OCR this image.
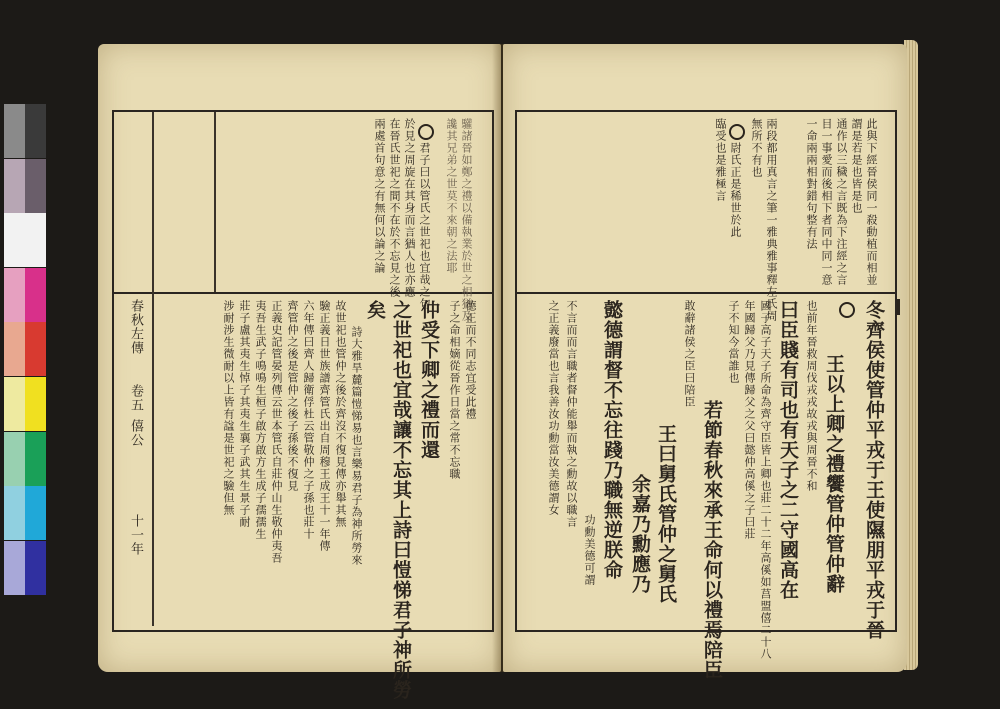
春秋左傳
卷五
僖公
十一年
驩諸晉如鄭之禮以備執業於世之相猶及
讒其兄弟之世莫不來朝之法耶
君子曰以管氏之世祀也宜哉之句
於見之周旋在其身而言猶人也亦應
在晉氏世祀之間不在於不忘見之後
兩處首句意之有無何以論之論
德正而不同志宜受此禮
子之命相嫡從晉作日當之常不忘職
仲受下卿之禮而還
之世祀也宜哉讓不忘其上詩曰愷悌君子神所勞
矣
詩大雅旱麓篇愷悌易也言樂易君子為神所勞來
故世祀也管仲之後於齊沒不復見傳亦舉其無
驗正義日世族譜齊管氏出自周穆王成王十一年傳
六年傳曰齊人歸衛俘杜云管敬仲之子孫也莊十
齊管仲之後是管仲之後子孫後不復見
正義史記管晏列傳云世本管氏自莊仲山生敬仲夷吾
夷吾生武子鳴鳴生桓子啟方啟方生成子孺孺生
莊子盧其夷生悼子其夷生襄子武其生景子耐
涉耐涉生微耐以上皆有諡是世祀之驗但無
此與下經晉侯同一殺動植而相並
謂是若是也皆是也
通作以三穢之言既為下注經之言
目一事愛而後相下者同中同一意
一命兩兩相對錯句整有法
兩段都用真言之筆一雅典雅事釋左氏周
無所不有也
尉氏正是稀世於此
臨受也是雅極言
冬齊侯使管仲平戎于王使隰朋平戎于晉
王以上卿之禮饗管仲管仲辭
也前年晉救周伐戎戎故戎與周晉不和
曰臣賤有司也有天子之二守國高在
國子高子天子所命為齊守臣皆上卿也莊二十二年高傒如莒盟僖二十八
年國歸父乃見傳歸父之父曰懿仲高傒之子曰莊
子不知今當誰也
若節春秋來承王命何以禮焉陪臣
敢辭諸侯之臣曰陪臣
王曰舅氏管仲之舅氏
余嘉乃勳應乃
懿德謂督不忘往踐乃職無逆朕命
功勳美德可謂
不言而而言職者督仲能舉而執之勳故以職言
之正義廢當也言我善汝功勳當汝美德謂女
